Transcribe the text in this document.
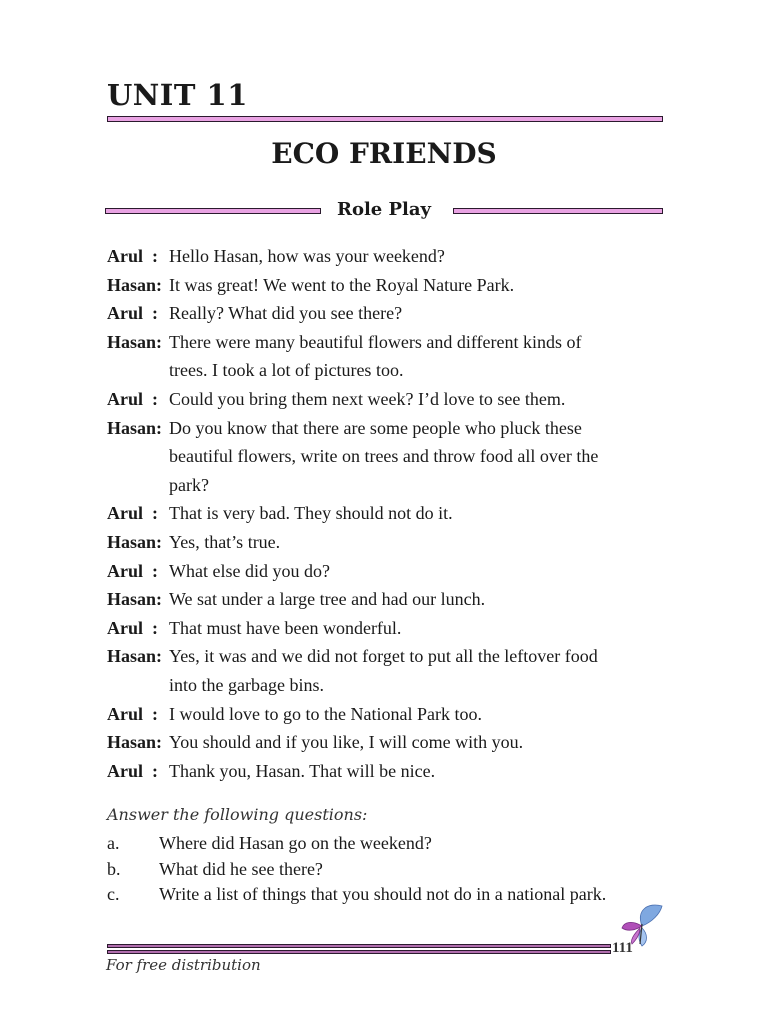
UNIT 11
ECO FRIENDS
Role Play
Arul  : Hello Hasan, how was your weekend?
Hasan: It was great! We went to the Royal Nature Park.
Arul  : Really? What did you see there?
Hasan: There were many beautiful flowers and different kinds of
trees. I took a lot of pictures too.
Arul  : Could you bring them next week? I’d love to see them.
Hasan: Do you know that there are some people who pluck these
beautiful flowers, write on trees and throw food all over the
park?
Arul  : That is very bad. They should not do it.
Hasan: Yes, that’s true.
Arul  : What else did you do?
Hasan: We sat under a large tree and had our lunch.
Arul  : That must have been wonderful.
Hasan: Yes, it was and we did not forget to put all the leftover food
into the garbage bins.
Arul  : I would love to go to the National Park too.
Hasan: You should and if you like, I will come with you.
Arul  : Thank you, Hasan. That will be nice.
Answer the following questions:
a.	Where did Hasan go on the weekend?
b.	What did he see there?
c.	Write a list of things that you should not do in a national park.
111
For free distribution
